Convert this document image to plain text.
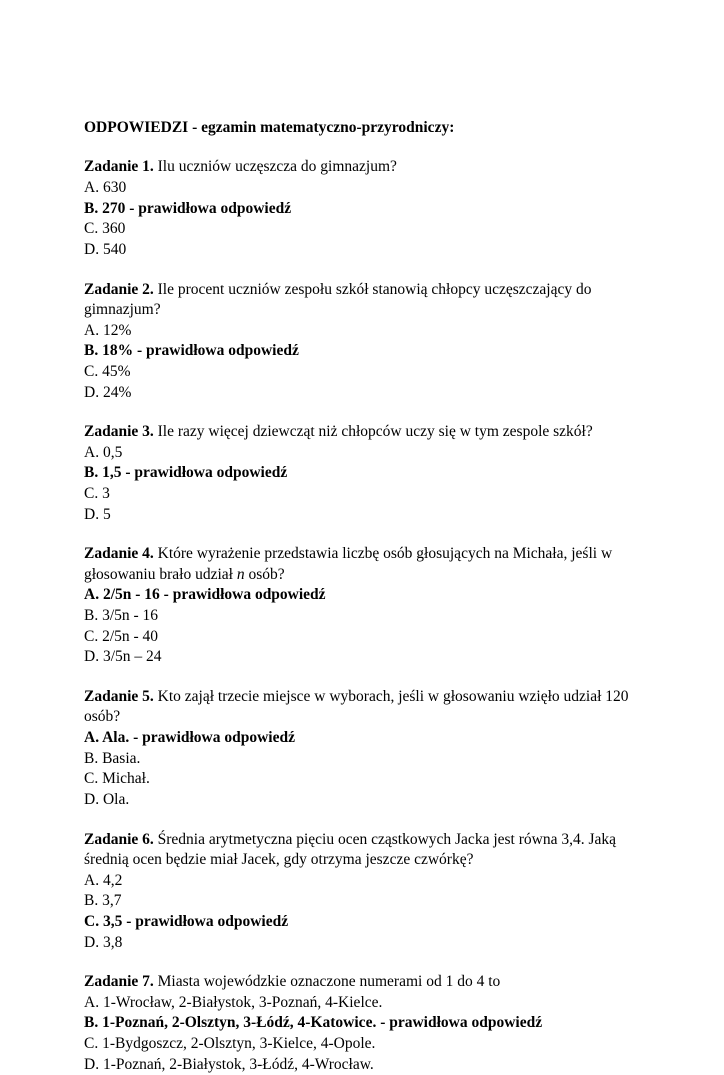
ODPOWIEDZI - egzamin matematyczno-przyrodniczy:

Zadanie 1. Ilu uczniów uczęszcza do gimnazjum?

A. 630

B. 270 - prawidłowa odpowiedź

C. 360

D. 540

Zadanie 2. Ile procent uczniów zespołu szkół stanowią chłopcy uczęszczający do gimnazjum?

A. 12%

B. 18% - prawidłowa odpowiedź

C. 45%

D. 24%

Zadanie 3. Ile razy więcej dziewcząt niż chłopców uczy się w tym zespole szkół?

A. 0,5

B. 1,5 - prawidłowa odpowiedź

C. 3

D. 5

Zadanie 4. Które wyrażenie przedstawia liczbę osób głosujących na Michała, jeśli w głosowaniu brało udział n osób?

A. 2/5n - 16 - prawidłowa odpowiedź

B. 3/5n - 16

C. 2/5n - 40

D. 3/5n – 24

Zadanie 5. Kto zajął trzecie miejsce w wyborach, jeśli w głosowaniu wzięło udział 120 osób?

A. Ala. - prawidłowa odpowiedź

B. Basia.

C. Michał.

D. Ola.

Zadanie 6. Średnia arytmetyczna pięciu ocen cząstkowych Jacka jest równa 3,4. Jaką średnią ocen będzie miał Jacek, gdy otrzyma jeszcze czwórkę?

A. 4,2

B. 3,7

C. 3,5 - prawidłowa odpowiedź

D. 3,8

Zadanie 7. Miasta wojewódzkie oznaczone numerami od 1 do 4 to

A. 1-Wrocław, 2-Białystok, 3-Poznań, 4-Kielce.

B. 1-Poznań, 2-Olsztyn, 3-Łódź, 4-Katowice. - prawidłowa odpowiedź

C. 1-Bydgoszcz, 2-Olsztyn, 3-Kielce, 4-Opole.

D. 1-Poznań, 2-Białystok, 3-Łódź, 4-Wrocław.
